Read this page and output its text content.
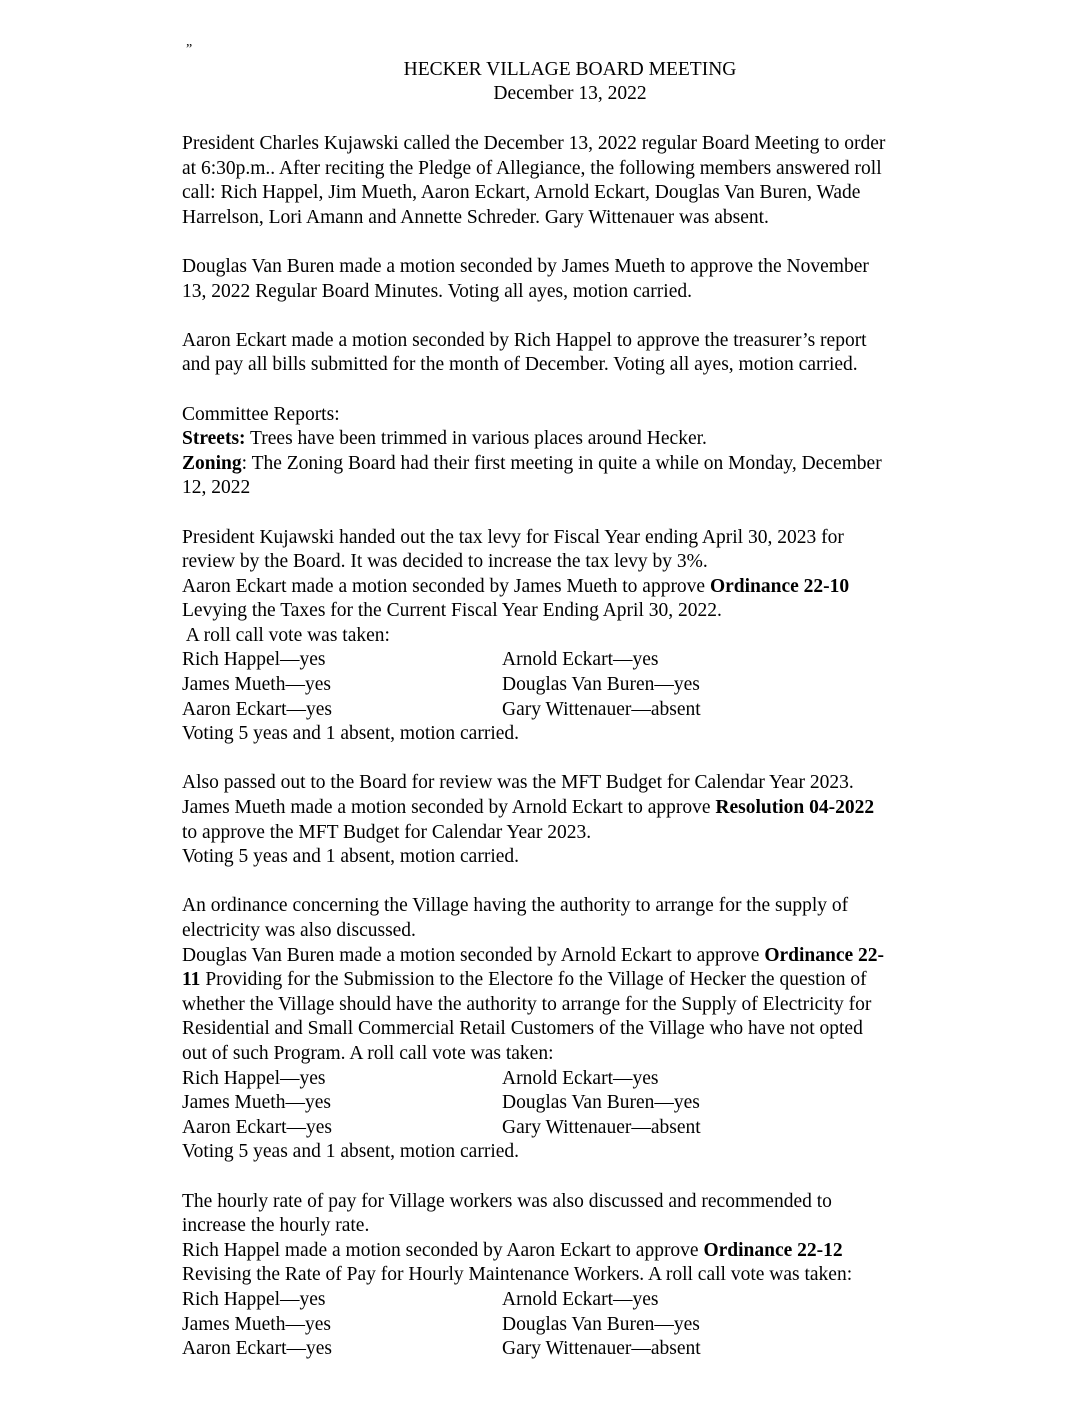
”
HECKER VILLAGE BOARD MEETING
December 13, 2022

President Charles Kujawski called the December 13, 2022 regular Board Meeting to order
at 6:30p.m.. After reciting the Pledge of Allegiance, the following members answered roll
call: Rich Happel, Jim Mueth, Aaron Eckart, Arnold Eckart, Douglas Van Buren, Wade
Harrelson, Lori Amann and Annette Schreder. Gary Wittenauer was absent.

Douglas Van Buren made a motion seconded by James Mueth to approve the November
13, 2022 Regular Board Minutes. Voting all ayes, motion carried.

Aaron Eckart made a motion seconded by Rich Happel to approve the treasurer’s report
and pay all bills submitted for the month of December. Voting all ayes, motion carried.

Committee Reports:
Streets: Trees have been trimmed in various places around Hecker.
Zoning: The Zoning Board had their first meeting in quite a while on Monday, December
12, 2022

President Kujawski handed out the tax levy for Fiscal Year ending April 30, 2023 for
review by the Board. It was decided to increase the tax levy by 3%.
Aaron Eckart made a motion seconded by James Mueth to approve Ordinance 22-10
Levying the Taxes for the Current Fiscal Year Ending April 30, 2022.
A roll call vote was taken:

Rich Happel—yes	Arnold Eckart—yes
James Mueth—yes	Douglas Van Buren—yes
Aaron Eckart—yes	Gary Wittenauer—absent

Voting 5 yeas and 1 absent, motion carried.

Also passed out to the Board for review was the MFT Budget for Calendar Year 2023.
James Mueth made a motion seconded by Arnold Eckart to approve Resolution 04-2022
to approve the MFT Budget for Calendar Year 2023.
Voting 5 yeas and 1 absent, motion carried.

An ordinance concerning the Village having the authority to arrange for the supply of
electricity was also discussed.
Douglas Van Buren made a motion seconded by Arnold Eckart to approve Ordinance 22-
11 Providing for the Submission to the Electore fo the Village of Hecker the question of
whether the Village should have the authority to arrange for the Supply of Electricity for
Residential and Small Commercial Retail Customers of the Village who have not opted
out of such Program. A roll call vote was taken:

Rich Happel—yes	Arnold Eckart—yes
James Mueth—yes	Douglas Van Buren—yes
Aaron Eckart—yes	Gary Wittenauer—absent

Voting 5 yeas and 1 absent, motion carried.

The hourly rate of pay for Village workers was also discussed and recommended to
increase the hourly rate.
Rich Happel made a motion seconded by Aaron Eckart to approve Ordinance 22-12
Revising the Rate of Pay for Hourly Maintenance Workers. A roll call vote was taken:

Rich Happel—yes	Arnold Eckart—yes
James Mueth—yes	Douglas Van Buren—yes
Aaron Eckart—yes	Gary Wittenauer—absent
